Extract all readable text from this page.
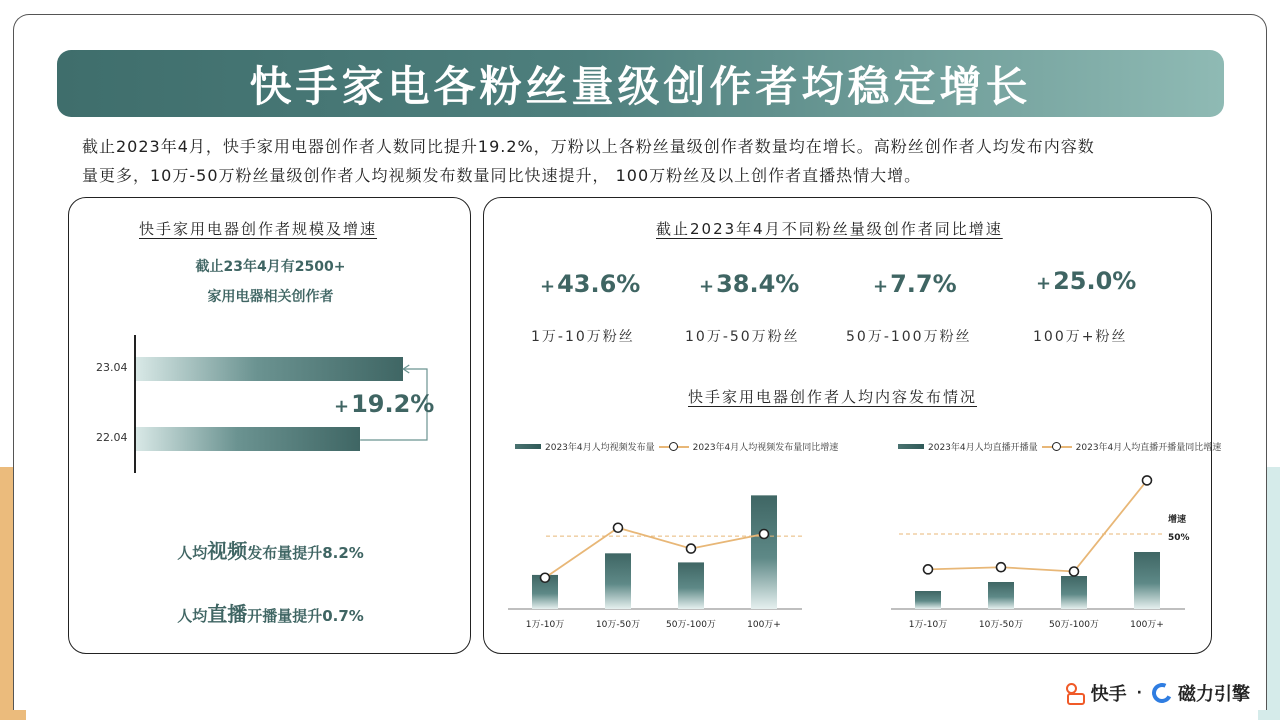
快手家电各粉丝量级创作者均稳定增长
截止2023年4月，快手家用电器创作者人数同比提升19.2%，万粉以上各粉丝量级创作者数量均在增长。高粉丝创作者人均发布内容数
量更多，10万-50万粉丝量级创作者人均视频发布数量同比快速提升， 100万粉丝及以上创作者直播热情大增。
快手家用电器创作者规模及增速
截止23年4月有2500+
家用电器相关创作者
23.04
22.04
+19.2%
人均视频发布量提升8.2%
人均直播开播量提升0.7%
截止2023年4月不同粉丝量级创作者同比增速
+43.6%	+38.4%	+7.7%	+25.0%
1万-10万粉丝	10万-50万粉丝	50万-100万粉丝	100万+粉丝
快手家用电器创作者人均内容发布情况
2023年4月人均视频发布量	2023年4月人均视频发布量同比增速	2023年4月人均直播开播量	2023年4月人均直播开播量同比增速
1万-10万	10万-50万	50万-100万	100万+	1万-10万	10万-50万	50万-100万	100万+
增速
50%
快手 · 磁力引擎
